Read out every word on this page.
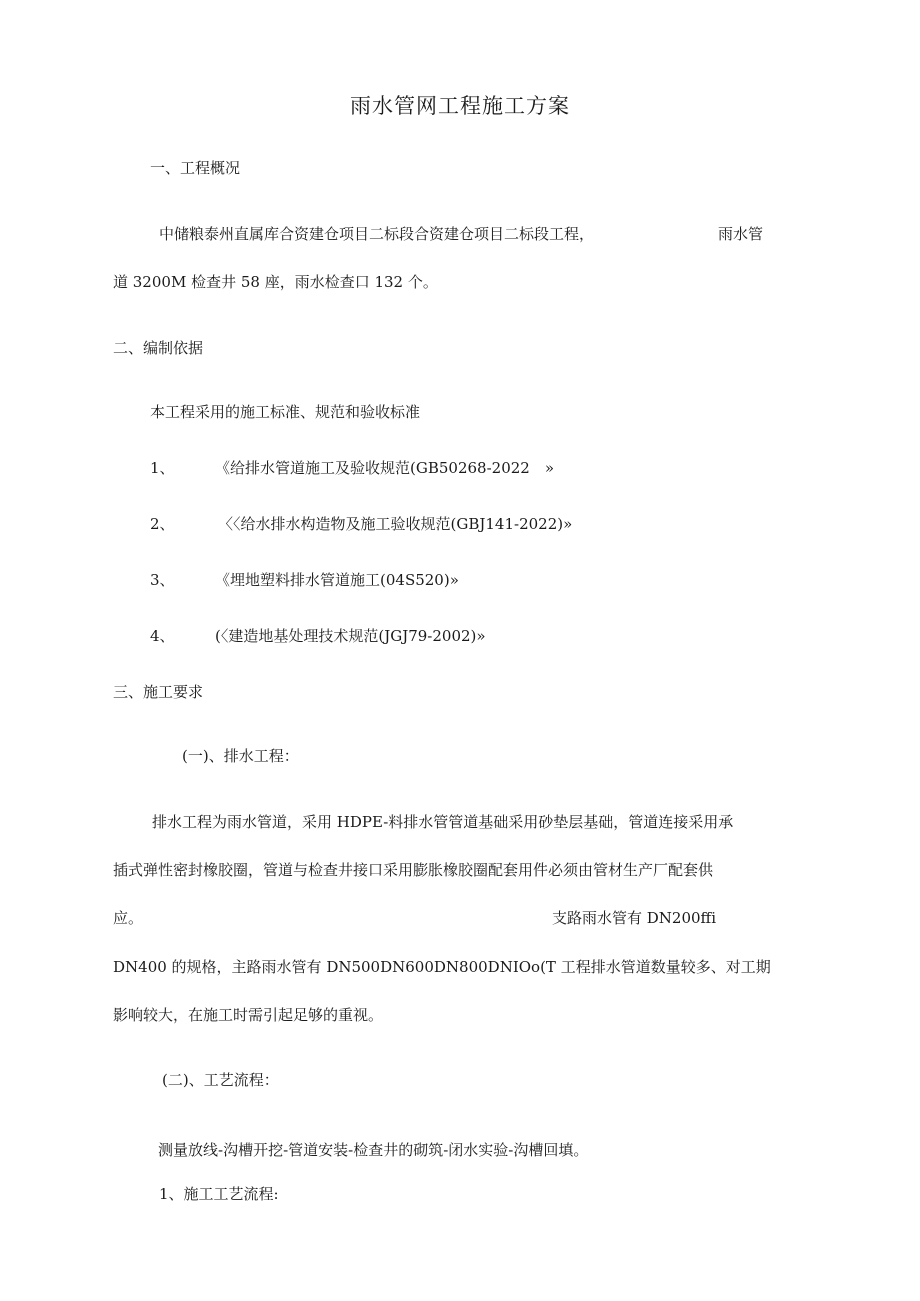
雨水管网工程施工方案
一、工程概况
中储粮泰州直属库合资建仓项目二标段合资建仓项目二标段工程，	雨水管
道 3200M 检查井 58 座，雨水检查口 132 个。
二、编制依据
本工程采用的施工标准、规范和验收标准
1、	《给排水管道施工及验收规范(GB50268-2022　»
2、	〈〈给水排水构造物及施工验收规范(GBJ141-2022)»
3、	《埋地塑料排水管道施工(04S520)»
4、	(〈建造地基处理技术规范(JGJ79-2002)»
三、施工要求
(一)、排水工程：
排水工程为雨水管道，采用 HDPE-料排水管管道基础采用砂垫层基础，管道连接采用承
插式弹性密封橡胶圈，管道与检查井接口采用膨胀橡胶圈配套用件必须由管材生产厂配套供
应。	支路雨水管有 DN200ffi
DN400 的规格，主路雨水管有 DN500DN600DN800DNIOo(T 工程排水管道数量较多、对工期
影响较大，在施工时需引起足够的重视。
(二)、工艺流程：
测量放线-沟槽开挖-管道安装-检查井的砌筑-闭水实验-沟槽回填。
1、施工工艺流程:
